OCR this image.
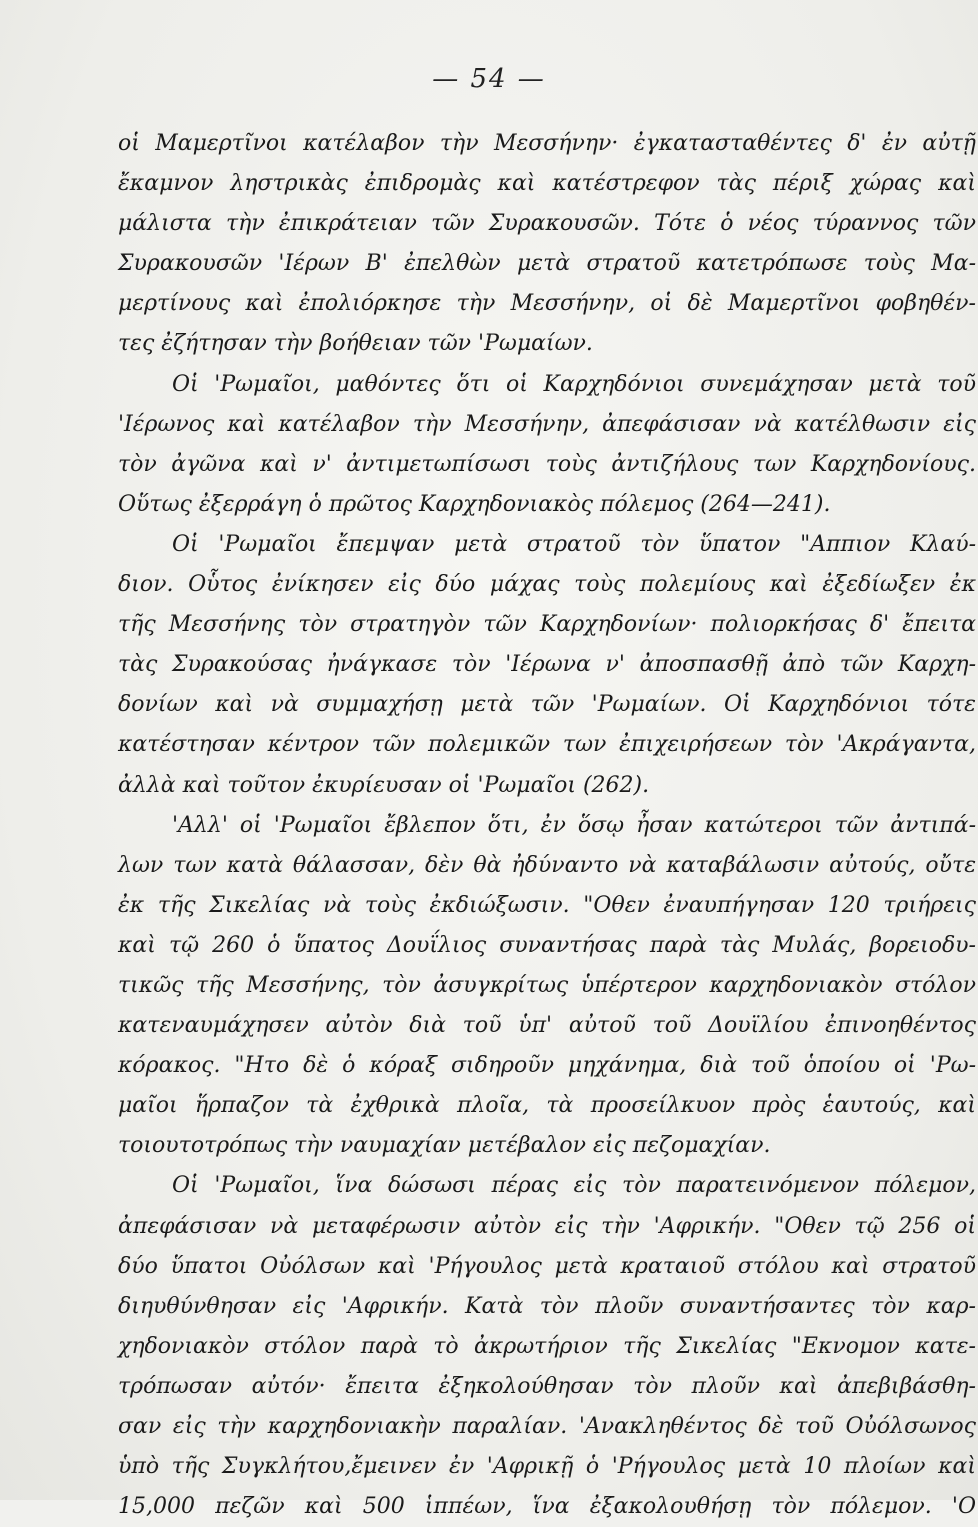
— 54 —
οἱ Μαμερτῖνοι κατέλαβον τὴν Μεσσήνην· ἐγκατασταθέντες δ' ἐν αὐτῇ
ἔκαμνον ληστρικὰς ἐπιδρομὰς καὶ κατέστρεφον τὰς πέριξ χώρας καὶ
μάλιστα τὴν ἐπικράτειαν τῶν Συρακουσῶν. Τότε ὁ νέος τύραννος τῶν
Συρακουσῶν 'Ιέρων Β' ἐπελθὼν μετὰ στρατοῦ κατετρόπωσε τοὺς Μα-
μερτίνους καὶ ἐπολιόρκησε τὴν Μεσσήνην, οἱ δὲ Μαμερτῖνοι φοβηθέν-
τες ἐζήτησαν τὴν βοήθειαν τῶν 'Ρωμαίων.
Οἱ 'Ρωμαῖοι, μαθόντες ὅτι οἱ Καρχηδόνιοι συνεμάχησαν μετὰ τοῦ
'Ιέρωνος καὶ κατέλαβον τὴν Μεσσήνην, ἀπεφάσισαν νὰ κατέλθωσιν εἰς
τὸν ἀγῶνα καὶ ν' ἀντιμετωπίσωσι τοὺς ἀντιζήλους των Καρχηδονίους.
Οὕτως ἐξερράγη ὁ πρῶτος Καρχηδονιακὸς πόλεμος (264—241).
Οἱ 'Ρωμαῖοι ἔπεμψαν μετὰ στρατοῦ τὸν ὕπατον "Αππιον Κλαύ-
διον. Οὗτος ἐνίκησεν εἰς δύο μάχας τοὺς πολεμίους καὶ ἐξεδίωξεν ἐκ
τῆς Μεσσήνης τὸν στρατηγὸν τῶν Καρχηδονίων· πολιορκήσας δ' ἔπειτα
τὰς Συρακούσας ἠνάγκασε τὸν 'Ιέρωνα ν' ἀποσπασθῇ ἀπὸ τῶν Καρχη-
δονίων καὶ νὰ συμμαχήσῃ μετὰ τῶν 'Ρωμαίων. Οἱ Καρχηδόνιοι τότε
κατέστησαν κέντρον τῶν πολεμικῶν των ἐπιχειρήσεων τὸν 'Ακράγαντα,
ἀλλὰ καὶ τοῦτον ἐκυρίευσαν οἱ 'Ρωμαῖοι (262).
'Αλλ' οἱ 'Ρωμαῖοι ἔβλεπον ὅτι, ἐν ὅσῳ ἦσαν κατώτεροι τῶν ἀντιπά-
λων των κατὰ θάλασσαν, δὲν θὰ ἠδύναντο νὰ καταβάλωσιν αὐτούς, οὔτε
ἐκ τῆς Σικελίας νὰ τοὺς ἐκδιώξωσιν. "Οθεν ἐναυπήγησαν 120 τριήρεις
καὶ τῷ 260 ὁ ὕπατος Δουΐλιος συναντήσας παρὰ τὰς Μυλάς, βορειοδυ-
τικῶς τῆς Μεσσήνης, τὸν ἀσυγκρίτως ὑπέρτερον καρχηδονιακὸν στόλον
κατεναυμάχησεν αὐτὸν διὰ τοῦ ὑπ' αὐτοῦ τοῦ Δουϊλίου ἐπινοηθέντος
κόρακος. "Ητο δὲ ὁ κόραξ σιδηροῦν μηχάνημα, διὰ τοῦ ὁποίου οἱ 'Ρω-
μαῖοι ἥρπαζον τὰ ἐχθρικὰ πλοῖα, τὰ προσείλκυον πρὸς ἑαυτούς, καὶ
τοιουτοτρόπως τὴν ναυμαχίαν μετέβαλον εἰς πεζομαχίαν.
Οἱ 'Ρωμαῖοι, ἵνα δώσωσι πέρας εἰς τὸν παρατεινόμενον πόλεμον,
ἀπεφάσισαν νὰ μεταφέρωσιν αὐτὸν εἰς τὴν 'Αφρικήν. "Οθεν τῷ 256 οἱ
δύο ὕπατοι Οὐόλσων καὶ 'Ρήγουλος μετὰ κραταιοῦ στόλου καὶ στρατοῦ
διηυθύνθησαν εἰς 'Αφρικήν. Κατὰ τὸν πλοῦν συναντήσαντες τὸν καρ-
χηδονιακὸν στόλον παρὰ τὸ ἀκρωτήριον τῆς Σικελίας "Εκνομον κατε-
τρόπωσαν αὐτόν· ἔπειτα ἐξηκολούθησαν τὸν πλοῦν καὶ ἀπεβιβάσθη-
σαν εἰς τὴν καρχηδονιακὴν παραλίαν. 'Ανακληθέντος δὲ τοῦ Οὐόλσωνος
ὑπὸ τῆς Συγκλήτου,ἔμεινεν ἐν 'Αφρικῇ ὁ 'Ρήγουλος μετὰ 10 πλοίων καὶ
15,000 πεζῶν καὶ 500 ἱππέων, ἵνα ἐξακολουθήσῃ τὸν πόλεμον. 'Ο
